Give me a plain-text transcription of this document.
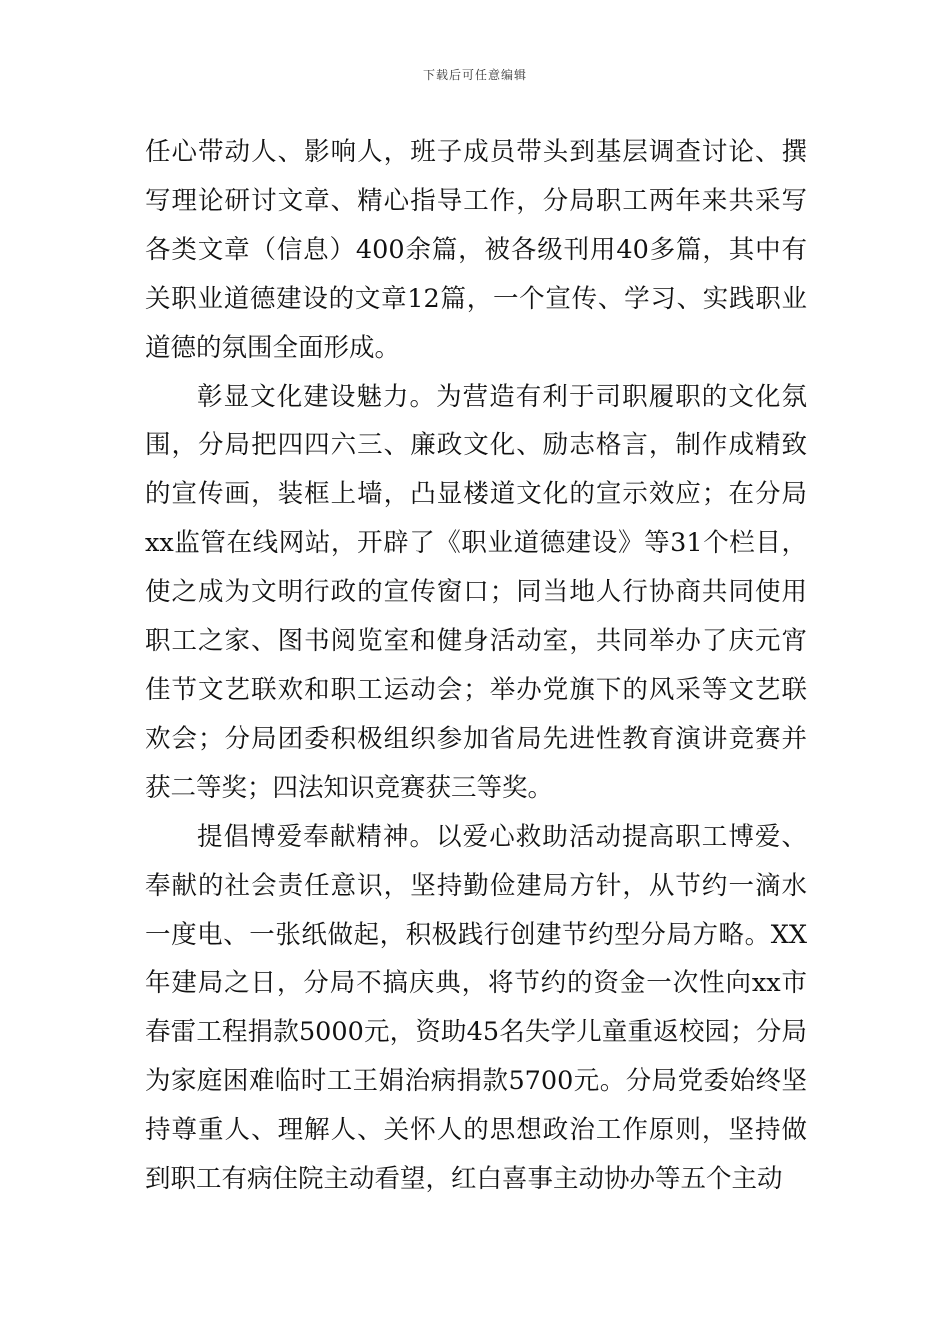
下载后可任意编辑

任心带动人、影响人，班子成员带头到基层调查讨论、撰写理论研讨文章、精心指导工作，分局职工两年来共采写各类文章（信息）400余篇，被各级刊用40多篇，其中有关职业道德建设的文章12篇，一个宣传、学习、实践职业道德的氛围全面形成。

彰显文化建设魅力。为营造有利于司职履职的文化氛围，分局把四四六三、廉政文化、励志格言，制作成精致的宣传画，装框上墙，凸显楼道文化的宣示效应；在分局xx监管在线网站，开辟了《职业道德建设》等31个栏目，使之成为文明行政的宣传窗口；同当地人行协商共同使用职工之家、图书阅览室和健身活动室，共同举办了庆元宵佳节文艺联欢和职工运动会；举办党旗下的风采等文艺联欢会；分局团委积极组织参加省局先进性教育演讲竞赛并获二等奖；四法知识竞赛获三等奖。

提倡博爱奉献精神。以爱心救助活动提高职工博爱、奉献的社会责任意识，坚持勤俭建局方针，从节约一滴水一度电、一张纸做起，积极践行创建节约型分局方略。XX年建局之日，分局不搞庆典，将节约的资金一次性向xx市春雷工程捐款5000元，资助45名失学儿童重返校园；分局为家庭困难临时工王娟治病捐款5700元。分局党委始终坚持尊重人、理解人、关怀人的思想政治工作原则，坚持做到职工有病住院主动看望，红白喜事主动协办等五个主动
